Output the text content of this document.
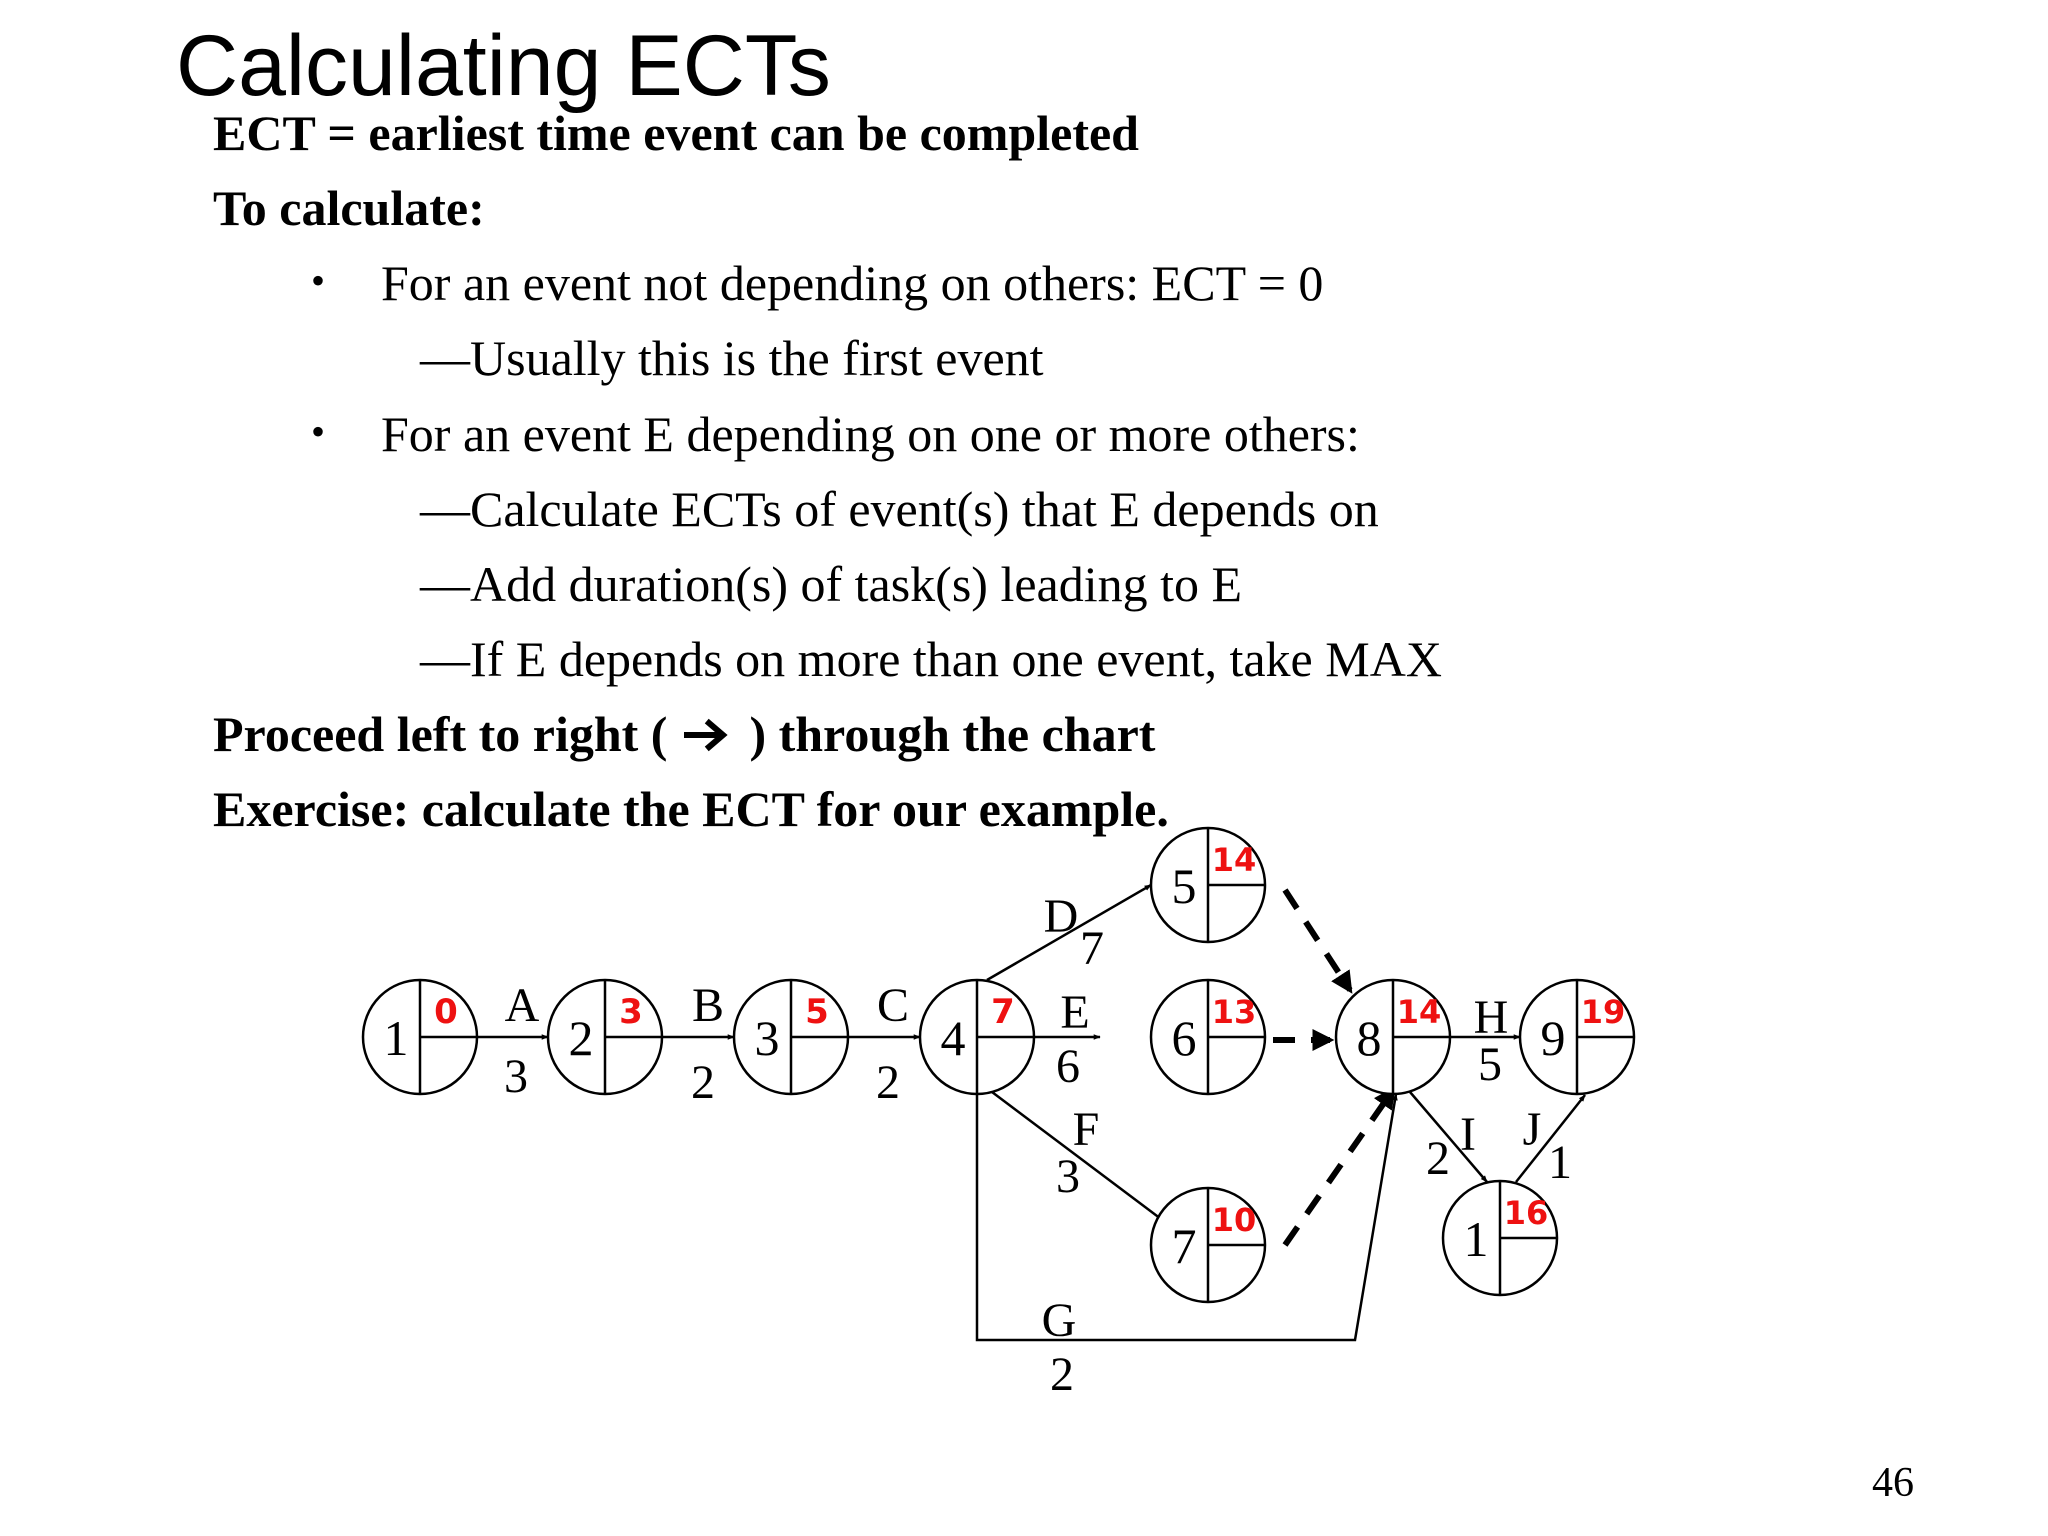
Calculating ECTs
ECT = earliest time event can be completed
To calculate:
• For an event not depending on others: ECT = 0
—Usually this is the first event
• For an event E depending on one or more others:
—Calculate ECTs of event(s) that E depends on
—Add duration(s) of task(s) leading to E
—If E depends on more than one event, take MAX
Proceed left to right ( ) through the chart
Exercise: calculate the ECT for our example.
1 0 2 3 3 5 4 7
5 14
6 13
7 10
8 14 9 19
1 16
A
3
B
2
C
2
D
7
E
6
F
3
G
2
H
5
I
2
J
1
46
